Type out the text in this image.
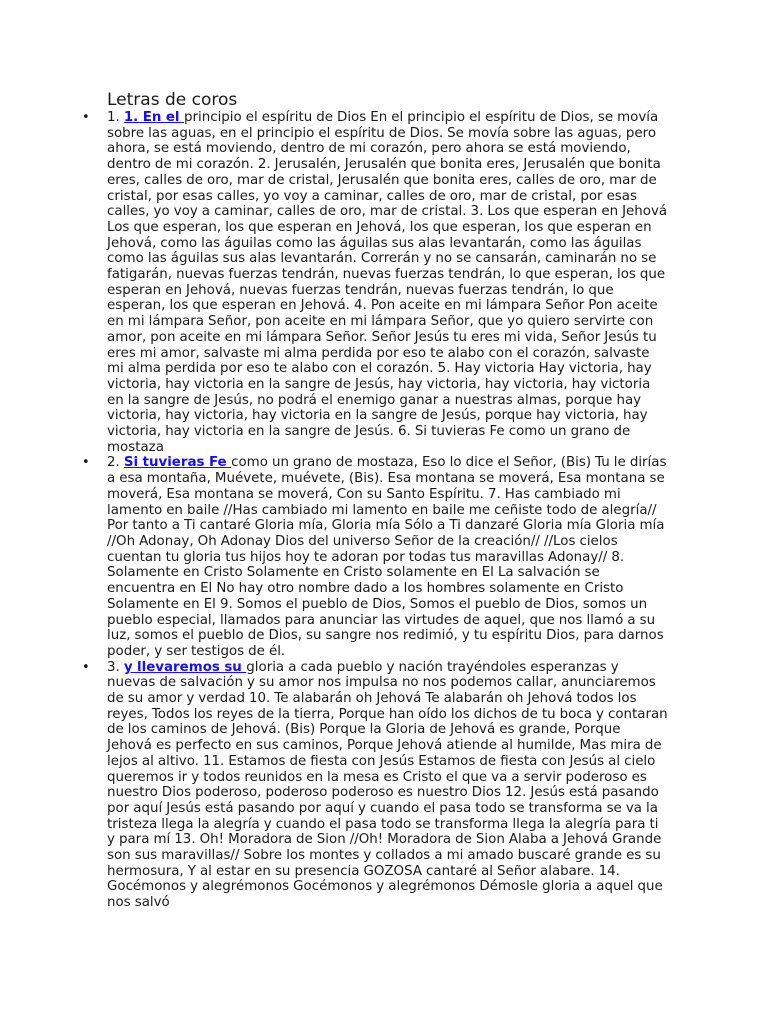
Letras de coros
• 1. 1. En el principio el espíritu de Dios En el principio el espíritu de Dios, se movía sobre las aguas, en el principio el espíritu de Dios. Se movía sobre las aguas, pero ahora, se está moviendo, dentro de mi corazón, pero ahora se está moviendo, dentro de mi corazón. 2. Jerusalén, Jerusalén que bonita eres, Jerusalén que bonita eres, calles de oro, mar de cristal, Jerusalén que bonita eres, calles de oro, mar de cristal, por esas calles, yo voy a caminar, calles de oro, mar de cristal, por esas calles, yo voy a caminar, calles de oro, mar de cristal. 3. Los que esperan en Jehová Los que esperan, los que esperan en Jehová, los que esperan, los que esperan en Jehová, como las águilas como las águilas sus alas levantarán, como las águilas como las águilas sus alas levantarán. Correrán y no se cansarán, caminarán no se fatigarán, nuevas fuerzas tendrán, nuevas fuerzas tendrán, lo que esperan, los que esperan en Jehová, nuevas fuerzas tendrán, nuevas fuerzas tendrán, lo que esperan, los que esperan en Jehová. 4. Pon aceite en mi lámpara Señor Pon aceite en mi lámpara Señor, pon aceite en mi lámpara Señor, que yo quiero servirte con amor, pon aceite en mi lámpara Señor. Señor Jesús tu eres mi vida, Señor Jesús tu eres mi amor, salvaste mi alma perdida por eso te alabo con el corazón, salvaste mi alma perdida por eso te alabo con el corazón. 5. Hay victoria Hay victoria, hay victoria, hay victoria en la sangre de Jesús, hay victoria, hay victoria, hay victoria en la sangre de Jesús, no podrá el enemigo ganar a nuestras almas, porque hay victoria, hay victoria, hay victoria en la sangre de Jesús, porque hay victoria, hay victoria, hay victoria en la sangre de Jesús. 6. Si tuvieras Fe como un grano de mostaza
• 2. Si tuvieras Fe como un grano de mostaza, Eso lo dice el Señor, (Bis) Tu le dirías a esa montaña, Muévete, muévete, (Bis). Esa montana se moverá, Esa montana se moverá, Esa montana se moverá, Con su Santo Espíritu. 7. Has cambiado mi lamento en baile //Has cambiado mi lamento en baile me ceñiste todo de alegría// Por tanto a Ti cantaré Gloria mía, Gloria mía Sólo a Ti danzaré Gloria mía Gloria mía //Oh Adonay, Oh Adonay Dios del universo Señor de la creación// //Los cielos cuentan tu gloria tus hijos hoy te adoran por todas tus maravillas Adonay// 8. Solamente en Cristo Solamente en Cristo solamente en El La salvación se encuentra en El No hay otro nombre dado a los hombres solamente en Cristo Solamente en El 9. Somos el pueblo de Dios, Somos el pueblo de Dios, somos un pueblo especial, llamados para anunciar las virtudes de aquel, que nos llamó a su luz, somos el pueblo de Dios, su sangre nos redimió, y tu espíritu Dios, para darnos poder, y ser testigos de él.
• 3. y llevaremos su gloria a cada pueblo y nación trayéndoles esperanzas y nuevas de salvación y su amor nos impulsa no nos podemos callar, anunciaremos de su amor y verdad 10. Te alabarán oh Jehová Te alabarán oh Jehová todos los reyes, Todos los reyes de la tierra, Porque han oído los dichos de tu boca y contaran de los caminos de Jehová. (Bis) Porque la Gloria de Jehová es grande, Porque Jehová es perfecto en sus caminos, Porque Jehová atiende al humilde, Mas mira de lejos al altivo. 11. Estamos de fiesta con Jesús Estamos de fiesta con Jesús al cielo queremos ir y todos reunidos en la mesa es Cristo el que va a servir poderoso es nuestro Dios poderoso, poderoso poderoso es nuestro Dios 12. Jesús está pasando por aquí Jesús está pasando por aquí y cuando el pasa todo se transforma se va la tristeza llega la alegría y cuando el pasa todo se transforma llega la alegría para ti y para mí 13. Oh! Moradora de Sion //Oh! Moradora de Sion Alaba a Jehová Grande son sus maravillas// Sobre los montes y collados a mi amado buscaré grande es su hermosura, Y al estar en su presencia GOZOSA cantaré al Señor alabare. 14. Gocémonos y alegrémonos Gocémonos y alegrémonos Démosle gloria a aquel que nos salvó
